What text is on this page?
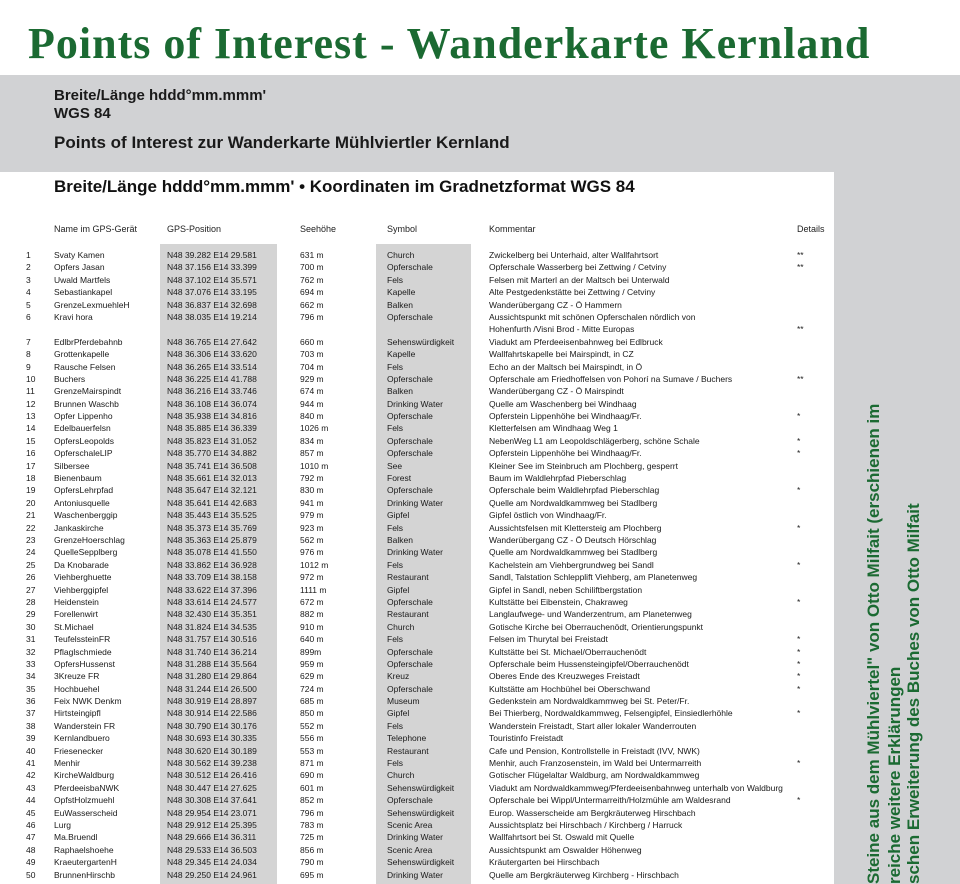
Points of Interest - Wanderkarte Kernland
Breite/Länge hddd°mm.mmm'
WGS 84
Points of Interest zur Wanderkarte Mühlviertler Kernland
Steine aus dem Mühlviertel" von Otto Milfait (erschienen im reiche weitere Erklärungen schen Erweiterung des Buches von Otto Milfait
Breite/Länge hddd°mm.mmm' • Koordinaten im Gradnetzformat WGS 84
Name im GPS-Gerät	GPS-Position	Seehöhe	Symbol	Kommentar	Details
1	Svaty Kamen	N48 39.282 E14 29.581	631 m	Church	Zwickelberg bei Unterhaid, alter Wallfahrtsort	**
2	Opfers Jasan	N48 37.156 E14 33.399	700 m	Opferschale	Opferschale Wasserberg bei Zettwing / Cetviny	**
3	Uwald Martfels	N48 37.102 E14 35.571	762 m	Fels	Felsen mit Marterl an der Maltsch bei Unterwald
4	Sebastiankapel	N48 37.076 E14 33.195	694 m	Kapelle	Alte Pestgedenkstätte bei Zettwing / Cetviny
5	GrenzeLexmuehleH	N48 36.837 E14 32.698	662 m	Balken	Wanderübergang CZ - Ö Hammern
6	Kravi hora	N48 38.035 E14 19.214	796 m	Opferschale	Aussichtspunkt mit schönen Opferschalen nördlich von
Hohenfurth /Visni Brod - Mitte Europas	**
7	EdlbrPferdebahnb	N48 36.765 E14 27.642	660 m	Sehenswürdigkeit	Viadukt am Pferdeeisenbahnweg bei Edlbruck
8	Grottenkapelle	N48 36.306 E14 33.620	703 m	Kapelle	Wallfahrtskapelle bei Mairspindt, in CZ
9	Rausche Felsen	N48 36.265 E14 33.514	704 m	Fels	Echo an der Maltsch bei Mairspindt, in Ö
10 Buchers	N48 36.225 E14 41.788	929 m	Opferschale	Opferschale am Friedhoffelsen von Pohorí na Sumave / Buchers	**
11 GrenzeMairspindt	N48 36.216 E14 33.746	674 m	Balken	Wanderübergang CZ - Ö Mairspindt
12 Brunnen Waschb	N48 36.108 E14 36.074	944 m	Drinking Water	Quelle am Waschenberg bei Windhaag
13 Opfer Lippenho	N48 35.938 E14 34.816	840 m	Opferschale	Opferstein Lippenhöhe bei Windhaag/Fr.	*
14 Edelbauerfelsn	N48 35.885 E14 36.339	1026 m	Fels	Kletterfelsen am Windhaag Weg 1
15 OpfersLeopolds	N48 35.823 E14 31.052	834 m	Opferschale	NebenWeg L1 am Leopoldschlägerberg, schöne Schale	*
16 OpferschaleLIP	N48 35.770 E14 34.882	857 m	Opferschale	Opferstein Lippenhöhe bei Windhaag/Fr.	*
17 Silbersee	N48 35.741 E14 36.508	1010 m	See	Kleiner See im Steinbruch am Plochberg, gesperrt
18 Bienenbaum	N48 35.661 E14 32.013	792 m	Forest	Baum im Waldlehrpfad Pieberschlag
19 OpfersLehrpfad	N48 35.647 E14 32.121	830 m	Opferschale	Opferschale beim Waldlehrpfad Pieberschlag	*
20 Antoniusquelle	N48 35.641 E14 42.683	941 m	Drinking Water	Quelle am Nordwaldkammweg bei Stadlberg
21 Waschenberggip	N48 35.443 E14 35.525	979 m	Gipfel	Gipfel östlich von Windhaag/Fr.
22 Jankaskirche	N48 35.373 E14 35.769	923 m	Fels	Aussichtsfelsen mit Klettersteig am Plochberg	*
23 GrenzeHoerschlag	N48 35.363 E14 25.879	562 m	Balken	Wanderübergang CZ - Ö Deutsch Hörschlag
24 QuelleSepplberg	N48 35.078 E14 41.550	976 m	Drinking Water	Quelle am Nordwaldkammweg bei Stadlberg
25 Da Knobarade	N48 33.862 E14 36.928	1012 m	Fels	Kachelstein am Viehbergrundweg bei Sandl	*
26 Viehberghuette	N48 33.709 E14 38.158	972 m	Restaurant	Sandl, Talstation Schlepplift Viehberg, am Planetenweg
27 Viehberggipfel	N48 33.622 E14 37.396	1111 m	Gipfel	Gipfel in Sandl, neben Schiliftbergstation
28 Heidenstein	N48 33.614 E14 24.577	672 m	Opferschale	Kultstätte bei Eibenstein, Chakraweg	*
29 Forellenwirt	N48 32.430 E14 35.351	882 m	Restaurant	Langlaufwege- und Wanderzentrum, am Planetenweg
30 St.Michael	N48 31.824 E14 34.535	910 m	Church	Gotische Kirche bei Oberrauchenödt, Orientierungspunkt
31 TeufelssteinFR	N48 31.757 E14 30.516	640 m	Fels	Felsen im Thurytal bei Freistadt	*
32 Pflaglschmiede	N48 31.740 E14 36.214	899m	Opferschale	Kultstätte bei St. Michael/Oberrauchenödt	*
33 OpfersHussenst	N48 31.288 E14 35.564	959 m	Opferschale	Opferschale beim Hussensteingipfel/Oberrauchenödt	*
34 3Kreuze FR	N48 31.280 E14 29.864	629 m	Kreuz	Oberes Ende des Kreuzweges Freistadt	*
35 Hochbuehel	N48 31.244 E14 26.500	724 m	Opferschale	Kultstätte am Hochbühel bei Oberschwand	*
36 Feix NWK Denkm	N48 30.919 E14 28.897	685 m	Museum	Gedenkstein am Nordwaldkammweg bei St. Peter/Fr.
37 Hirtsteingipfl	N48 30.914 E14 22.586	850 m	Gipfel	Bei Thierberg, Nordwaldkammweg, Felsengipfel, Einsiedlerhöhle	*
38 Wanderstein FR	N48 30.790 E14 30.176	552 m	Fels	Wanderstein Freistadt, Start aller lokaler Wanderrouten
39 Kernlandbuero	N48 30.693 E14 30.335	556 m	Telephone	Touristinfo Freistadt
40 Friesenecker	N48 30.620 E14 30.189	553 m	Restaurant	Cafe und Pension, Kontrollstelle in Freistadt (IVV, NWK)
41 Menhir	N48 30.562 E14 39.238	871 m	Fels	Menhir, auch Franzosenstein, im Wald bei Untermarreith	*
42 KircheWaldburg	N48 30.512 E14 26.416	690 m	Church	Gotischer Flügelaltar Waldburg, am Nordwaldkammweg
43 PferdeeisbaNWK	N48 30.447 E14 27.625	601 m	Sehenswürdigkeit	Viadukt am Nordwaldkammweg/Pferdeeisenbahnweg unterhalb von Waldburg
44 OpfstHolzmuehl	N48 30.308 E14 37.641	852 m	Opferschale	Opferschale bei Wippl/Untermarreith/Holzmühle am Waldesrand	*
45 EuWasserscheid	N48 29.954 E14 23.071	796 m	Sehenswürdigkeit	Europ. Wasserscheide am Bergkräuterweg Hirschbach
46 Lurg	N48 29.912 E14 25.395	783 m	Scenic Area	Aussichtsplatz bei Hirschbach / Kirchberg / Harruck
47 Ma.Bruendl	N48 29.666 E14 36.311	725 m	Drinking Water	Wallfahrtsort bei St. Oswald mit Quelle
48 Raphaelshoehe	N48 29.533 E14 36.503	856 m	Scenic Area	Aussichtspunkt am Oswalder Höhenweg
49 KraeutergartenH	N48 29.345 E14 24.034	790 m	Sehenswürdigkeit	Kräutergarten bei Hirschbach
50 BrunnenHirschb	N48 29.250 E14 24.961	695 m	Drinking Water	Quelle am Bergkräuterweg Kirchberg - Hirschbach
